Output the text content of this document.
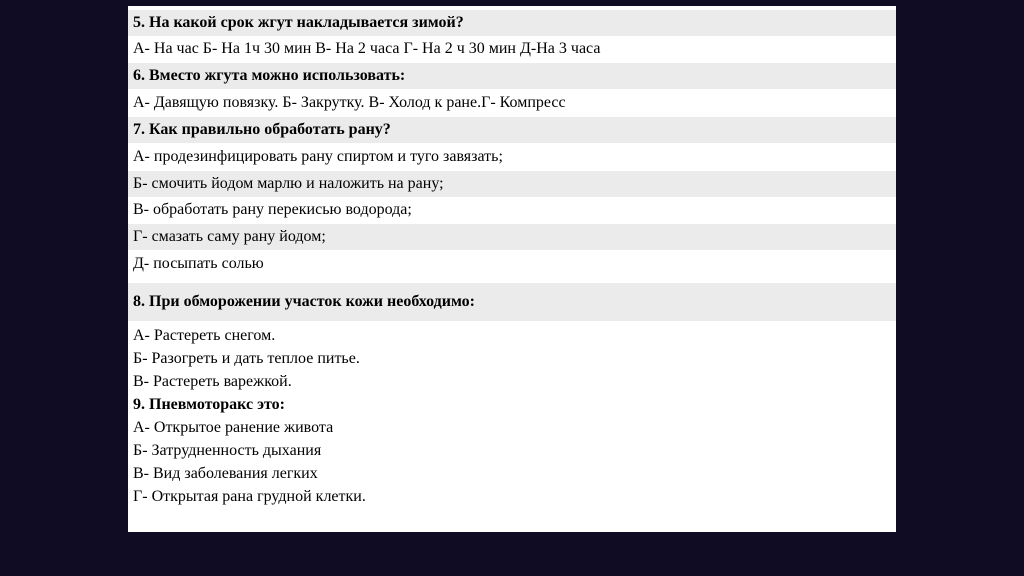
5. На какой срок жгут накладывается зимой?
А- На час Б- На 1ч 30 мин В- На 2 часа Г- На 2 ч 30 мин Д-На 3 часа
6. Вместо жгута можно использовать:
А- Давящую повязку. Б- Закрутку. В- Холод к ране.Г- Компресс
7. Как правильно обработать рану?
А- продезинфицировать рану спиртом и туго завязать;
Б- смочить йодом марлю и наложить на рану;
В- обработать рану перекисью водорода;
Г- смазать саму рану йодом;
Д- посыпать солью
8. При обморожении участок кожи необходимо:
А- Растереть снегом.
Б- Разогреть и дать теплое питье.
В- Растереть варежкой.
9. Пневмоторакс это:
А- Открытое ранение живота
Б- Затрудненность дыхания
В- Вид заболевания легких
Г- Открытая рана грудной клетки.
